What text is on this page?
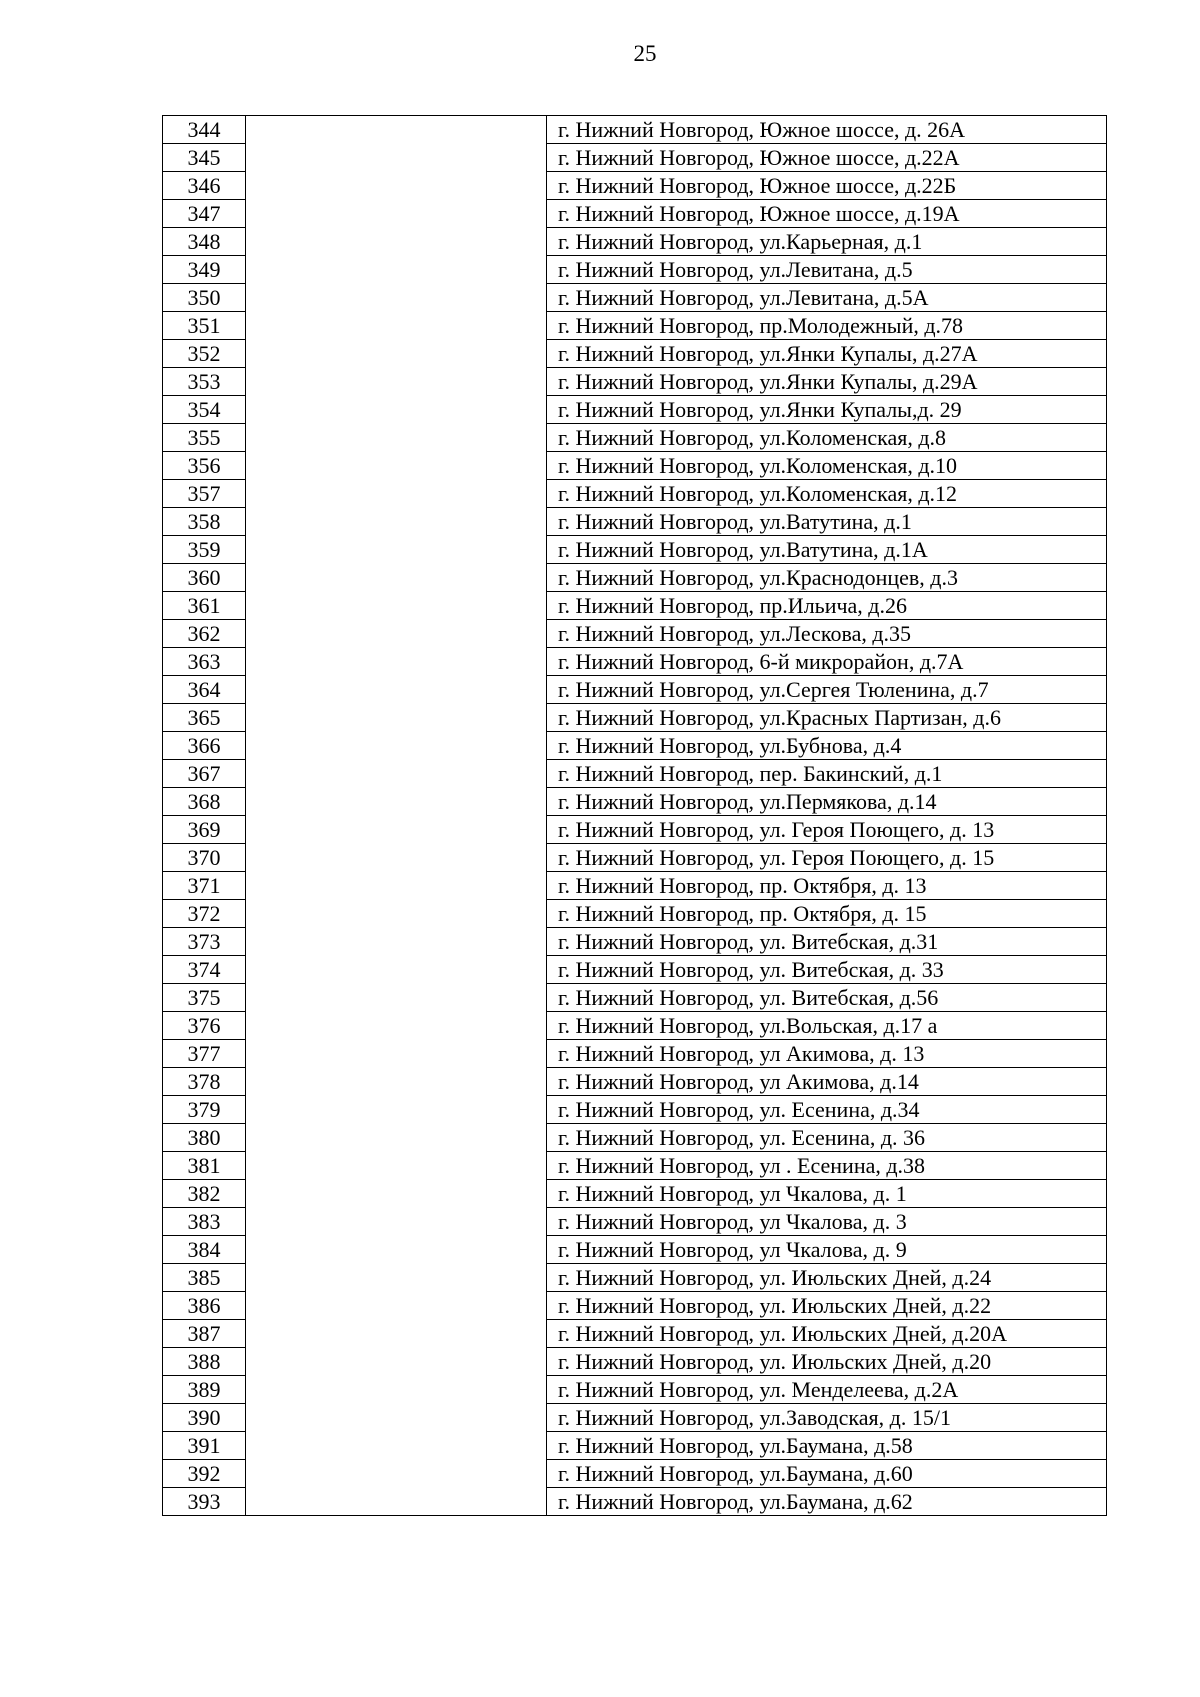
25
344		г. Нижний Новгород, Южное шоссе, д. 26А
345		г. Нижний Новгород, Южное шоссе, д.22А
346		г. Нижний Новгород, Южное шоссе, д.22Б
347		г. Нижний Новгород, Южное шоссе, д.19А
348		г. Нижний Новгород, ул.Карьерная, д.1
349		г. Нижний Новгород, ул.Левитана, д.5
350		г. Нижний Новгород, ул.Левитана, д.5А
351		г. Нижний Новгород, пр.Молодежный, д.78
352		г. Нижний Новгород, ул.Янки Купалы, д.27А
353		г. Нижний Новгород, ул.Янки Купалы, д.29А
354		г. Нижний Новгород, ул.Янки Купалы,д. 29
355		г. Нижний Новгород, ул.Коломенская, д.8
356		г. Нижний Новгород, ул.Коломенская, д.10
357		г. Нижний Новгород, ул.Коломенская, д.12
358		г. Нижний Новгород, ул.Ватутина, д.1
359		г. Нижний Новгород, ул.Ватутина, д.1А
360		г. Нижний Новгород, ул.Краснодонцев, д.3
361		г. Нижний Новгород, пр.Ильича, д.26
362		г. Нижний Новгород, ул.Лескова, д.35
363		г. Нижний Новгород, 6-й микрорайон, д.7А
364		г. Нижний Новгород, ул.Сергея Тюленина, д.7
365		г. Нижний Новгород, ул.Красных Партизан, д.6
366		г. Нижний Новгород, ул.Бубнова, д.4
367		г. Нижний Новгород, пер. Бакинский, д.1
368		г. Нижний Новгород, ул.Пермякова, д.14
369		г. Нижний Новгород, ул. Героя Поющего, д. 13
370		г. Нижний Новгород, ул. Героя Поющего, д. 15
371		г. Нижний Новгород, пр. Октября, д. 13
372		г. Нижний Новгород, пр. Октября, д. 15
373		г. Нижний Новгород, ул. Витебская, д.31
374		г. Нижний Новгород, ул. Витебская, д. 33
375		г. Нижний Новгород, ул. Витебская, д.56
376		г. Нижний Новгород, ул.Вольская, д.17 а
377		г. Нижний Новгород, ул Акимова, д. 13
378		г. Нижний Новгород, ул Акимова, д.14
379		г. Нижний Новгород, ул. Есенина, д.34
380		г. Нижний Новгород, ул. Есенина, д. 36
381		г. Нижний Новгород, ул . Есенина, д.38
382		г. Нижний Новгород, ул Чкалова, д. 1
383		г. Нижний Новгород, ул Чкалова, д. 3
384		г. Нижний Новгород, ул Чкалова, д. 9
385		г. Нижний Новгород, ул. Июльских Дней, д.24
386		г. Нижний Новгород, ул. Июльских Дней, д.22
387		г. Нижний Новгород, ул. Июльских Дней, д.20А
388		г. Нижний Новгород, ул. Июльских Дней, д.20
389		г. Нижний Новгород, ул. Менделеева, д.2А
390		г. Нижний Новгород, ул.Заводская, д. 15/1
391		г. Нижний Новгород, ул.Баумана, д.58
392		г. Нижний Новгород, ул.Баумана, д.60
393		г. Нижний Новгород, ул.Баумана, д.62
